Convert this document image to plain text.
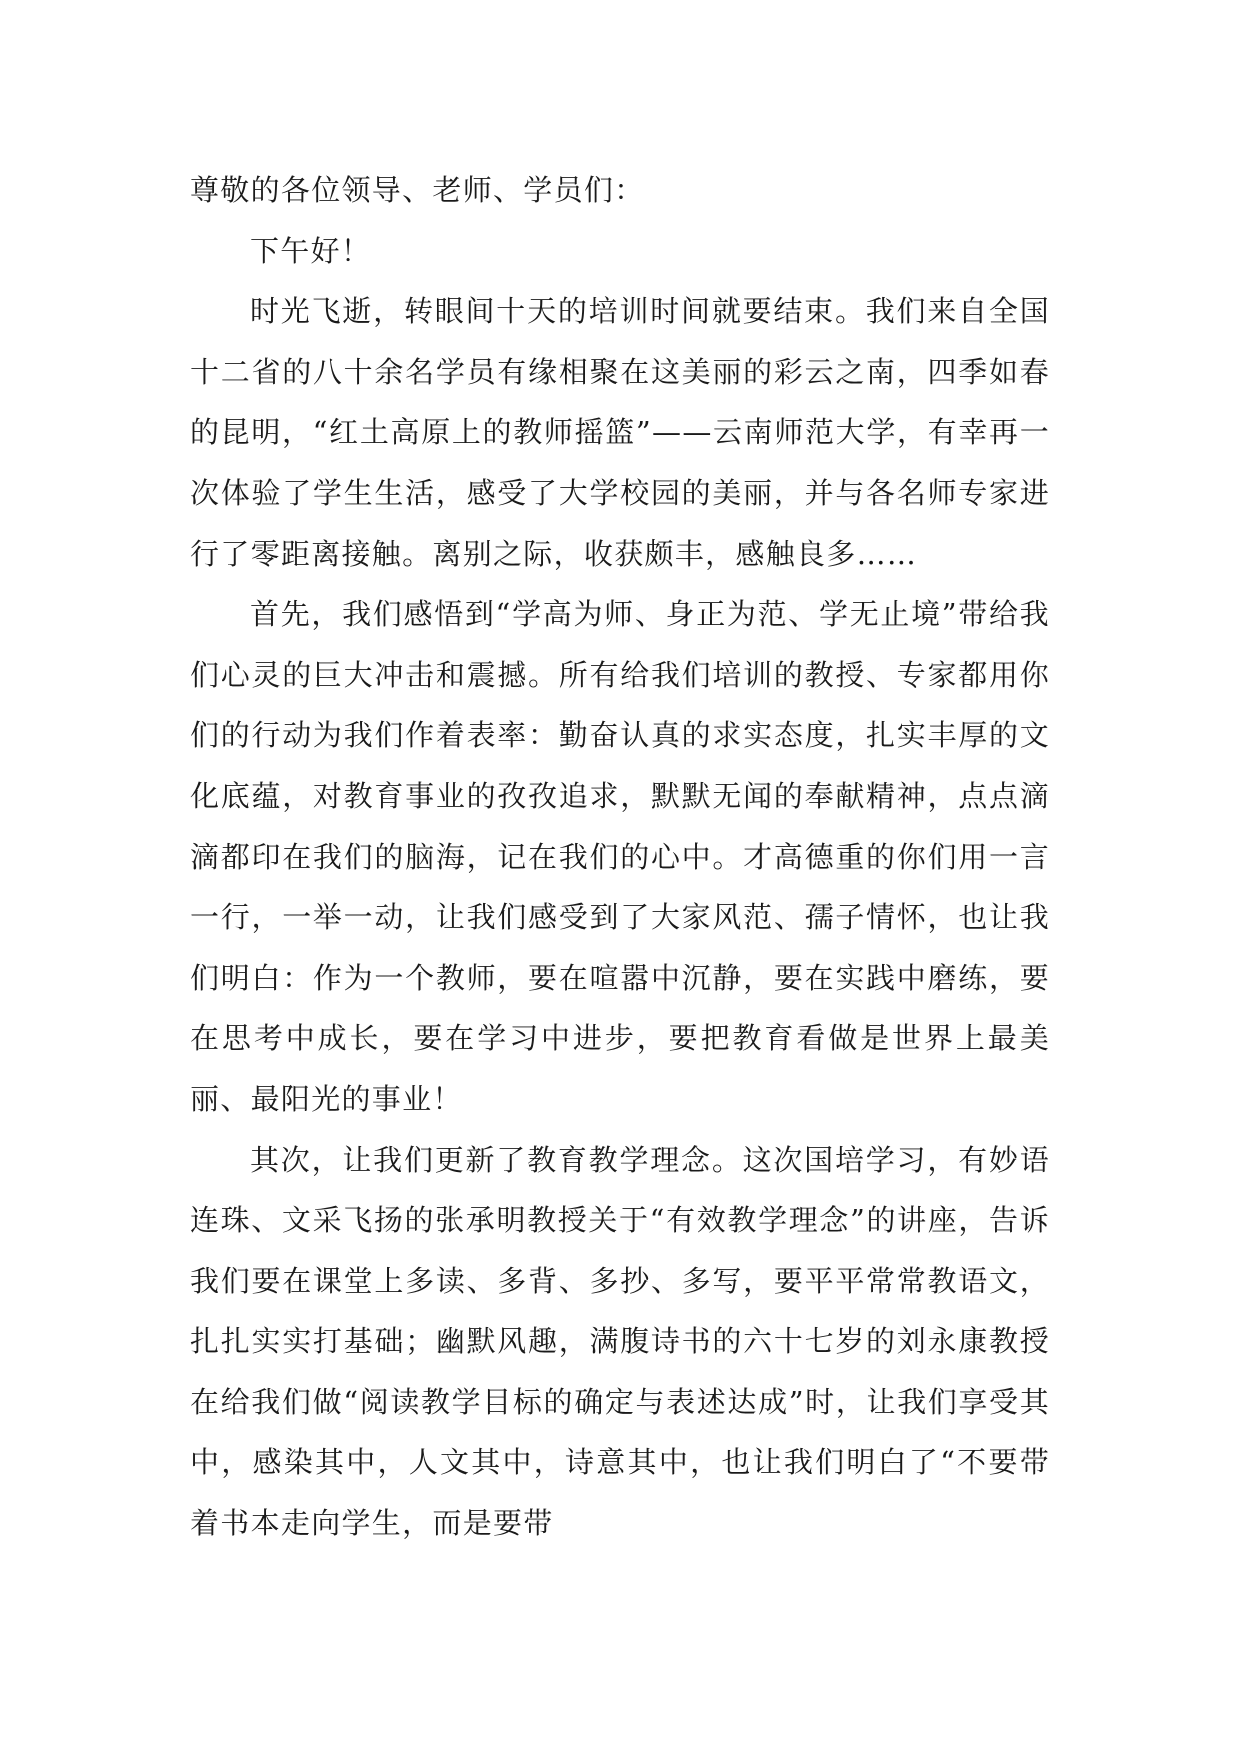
尊敬的各位领导、老师、学员们：

下午好！

时光飞逝，转眼间十天的培训时间就要结束。我们来自全国十二省的八十余名学员有缘相聚在这美丽的彩云之南，四季如春的昆明，“红土高原上的教师摇篮”——云南师范大学，有幸再一次体验了学生生活，感受了大学校园的美丽，并与各名师专家进行了零距离接触。离别之际，收获颇丰，感触良多……

首先，我们感悟到“学高为师、身正为范、学无止境”带给我们心灵的巨大冲击和震撼。所有给我们培训的教授、专家都用你们的行动为我们作着表率：勤奋认真的求实态度，扎实丰厚的文化底蕴，对教育事业的孜孜追求，默默无闻的奉献精神，点点滴滴都印在我们的脑海，记在我们的心中。才高德重的你们用一言一行，一举一动，让我们感受到了大家风范、孺子情怀，也让我们明白：作为一个教师，要在喧嚣中沉静，要在实践中磨练，要在思考中成长，要在学习中进步，要把教育看做是世界上最美丽、最阳光的事业！

其次，让我们更新了教育教学理念。这次国培学习，有妙语连珠、文采飞扬的张承明教授关于“有效教学理念”的讲座，告诉我们要在课堂上多读、多背、多抄、多写，要平平常常教语文，扎扎实实打基础；幽默风趣，满腹诗书的六十七岁的刘永康教授在给我们做“阅读教学目标的确定与表述达成”时，让我们享受其中，感染其中，人文其中，诗意其中，也让我们明白了“不要带着书本走向学生，而是要带
